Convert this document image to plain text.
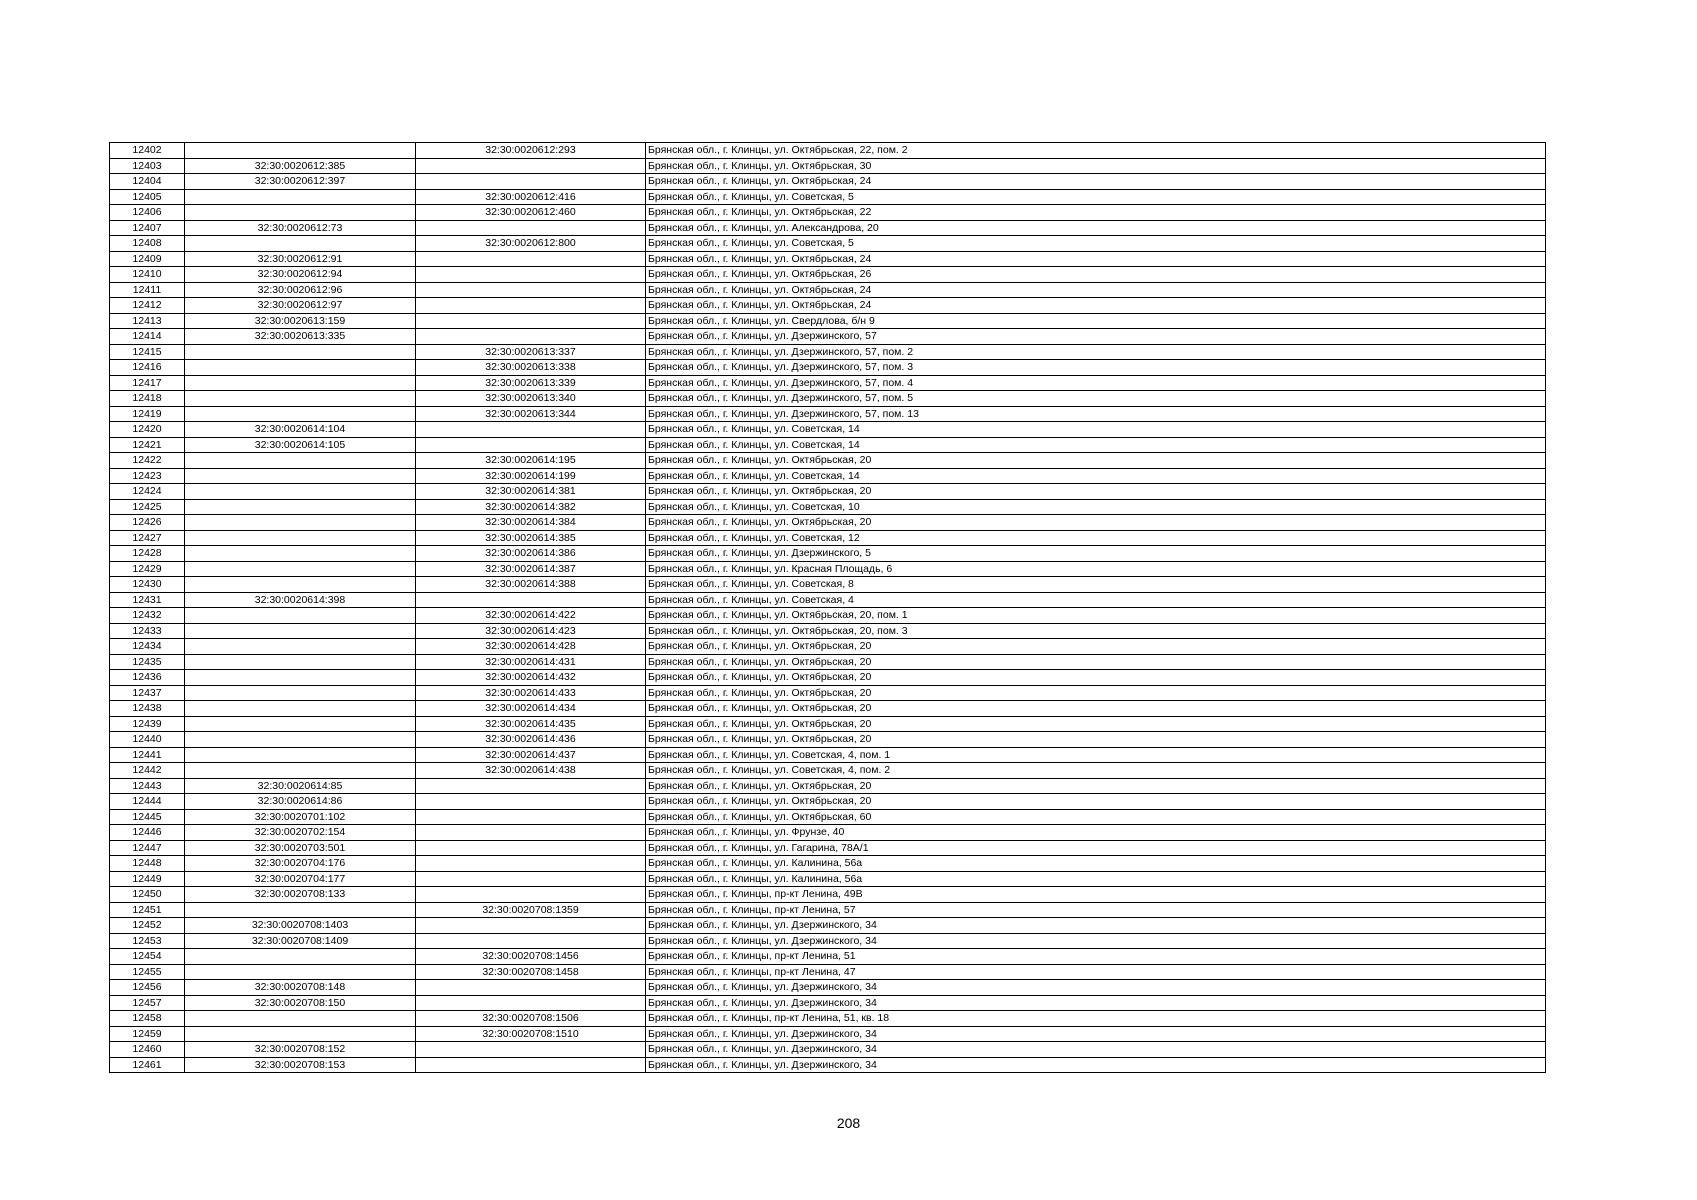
12402		32:30:0020612:293	Брянская обл., г. Клинцы, ул. Октябрьская, 22, пом. 2
12403	32:30:0020612:385		Брянская обл., г. Клинцы, ул. Октябрьская, 30
12404	32:30:0020612:397		Брянская обл., г. Клинцы, ул. Октябрьская, 24
12405		32:30:0020612:416	Брянская обл., г. Клинцы, ул. Советская, 5
12406		32:30:0020612:460	Брянская обл., г. Клинцы, ул. Октябрьская, 22
12407	32:30:0020612:73		Брянская обл., г. Клинцы, ул. Александрова, 20
12408		32:30:0020612:800	Брянская обл., г. Клинцы, ул. Советская, 5
12409	32:30:0020612:91		Брянская обл., г. Клинцы, ул. Октябрьская, 24
12410	32:30:0020612:94		Брянская обл., г. Клинцы, ул. Октябрьская, 26
12411	32:30:0020612:96		Брянская обл., г. Клинцы, ул. Октябрьская, 24
12412	32:30:0020612:97		Брянская обл., г. Клинцы, ул. Октябрьская, 24
12413	32:30:0020613:159		Брянская обл., г. Клинцы, ул. Свердлова, б/н 9
12414	32:30:0020613:335		Брянская обл., г. Клинцы, ул. Дзержинского, 57
12415		32:30:0020613:337	Брянская обл., г. Клинцы, ул. Дзержинского, 57, пом. 2
12416		32:30:0020613:338	Брянская обл., г. Клинцы, ул. Дзержинского, 57, пом. 3
12417		32:30:0020613:339	Брянская обл., г. Клинцы, ул. Дзержинского, 57, пом. 4
12418		32:30:0020613:340	Брянская обл., г. Клинцы, ул. Дзержинского, 57, пом. 5
12419		32:30:0020613:344	Брянская обл., г. Клинцы, ул. Дзержинского, 57, пом. 13
12420	32:30:0020614:104		Брянская обл., г. Клинцы, ул. Советская, 14
12421	32:30:0020614:105		Брянская обл., г. Клинцы, ул. Советская, 14
12422		32:30:0020614:195	Брянская обл., г. Клинцы, ул. Октябрьская, 20
12423		32:30:0020614:199	Брянская обл., г. Клинцы, ул. Советская, 14
12424		32:30:0020614:381	Брянская обл., г. Клинцы, ул. Октябрьская, 20
12425		32:30:0020614:382	Брянская обл., г. Клинцы, ул. Советская, 10
12426		32:30:0020614:384	Брянская обл., г. Клинцы, ул. Октябрьская, 20
12427		32:30:0020614:385	Брянская обл., г. Клинцы, ул. Советская, 12
12428		32:30:0020614:386	Брянская обл., г. Клинцы, ул. Дзержинского, 5
12429		32:30:0020614:387	Брянская обл., г. Клинцы, ул. Красная Площадь, 6
12430		32:30:0020614:388	Брянская обл., г. Клинцы, ул. Советская, 8
12431	32:30:0020614:398		Брянская обл., г. Клинцы, ул. Советская, 4
12432		32:30:0020614:422	Брянская обл., г. Клинцы, ул. Октябрьская, 20, пом. 1
12433		32:30:0020614:423	Брянская обл., г. Клинцы, ул. Октябрьская, 20, пом. 3
12434		32:30:0020614:428	Брянская обл., г. Клинцы, ул. Октябрьская, 20
12435		32:30:0020614:431	Брянская обл., г. Клинцы, ул. Октябрьская, 20
12436		32:30:0020614:432	Брянская обл., г. Клинцы, ул. Октябрьская, 20
12437		32:30:0020614:433	Брянская обл., г. Клинцы, ул. Октябрьская, 20
12438		32:30:0020614:434	Брянская обл., г. Клинцы, ул. Октябрьская, 20
12439		32:30:0020614:435	Брянская обл., г. Клинцы, ул. Октябрьская, 20
12440		32:30:0020614:436	Брянская обл., г. Клинцы, ул. Октябрьская, 20
12441		32:30:0020614:437	Брянская обл., г. Клинцы, ул. Советская, 4, пом. 1
12442		32:30:0020614:438	Брянская обл., г. Клинцы, ул. Советская, 4, пом. 2
12443	32:30:0020614:85		Брянская обл., г. Клинцы, ул. Октябрьская, 20
12444	32:30:0020614:86		Брянская обл., г. Клинцы, ул. Октябрьская, 20
12445	32:30:0020701:102		Брянская обл., г. Клинцы, ул. Октябрьская, 60
12446	32:30:0020702:154		Брянская обл., г. Клинцы, ул. Фрунзе, 40
12447	32:30:0020703:501		Брянская обл., г. Клинцы, ул. Гагарина, 78А/1
12448	32:30:0020704:176		Брянская обл., г. Клинцы, ул. Калинина, 56а
12449	32:30:0020704:177		Брянская обл., г. Клинцы, ул. Калинина, 56а
12450	32:30:0020708:133		Брянская обл., г. Клинцы, пр-кт Ленина, 49В
12451		32:30:0020708:1359	Брянская обл., г. Клинцы, пр-кт Ленина, 57
12452	32:30:0020708:1403		Брянская обл., г. Клинцы, ул. Дзержинского, 34
12453	32:30:0020708:1409		Брянская обл., г. Клинцы, ул. Дзержинского, 34
12454		32:30:0020708:1456	Брянская обл., г. Клинцы, пр-кт Ленина, 51
12455		32:30:0020708:1458	Брянская обл., г. Клинцы, пр-кт Ленина, 47
12456	32:30:0020708:148		Брянская обл., г. Клинцы, ул. Дзержинского, 34
12457	32:30:0020708:150		Брянская обл., г. Клинцы, ул. Дзержинского, 34
12458		32:30:0020708:1506	Брянская обл., г. Клинцы, пр-кт Ленина, 51, кв. 18
12459		32:30:0020708:1510	Брянская обл., г. Клинцы, ул. Дзержинского, 34
12460	32:30:0020708:152		Брянская обл., г. Клинцы, ул. Дзержинского, 34
12461	32:30:0020708:153		Брянская обл., г. Клинцы, ул. Дзержинского, 34
208
